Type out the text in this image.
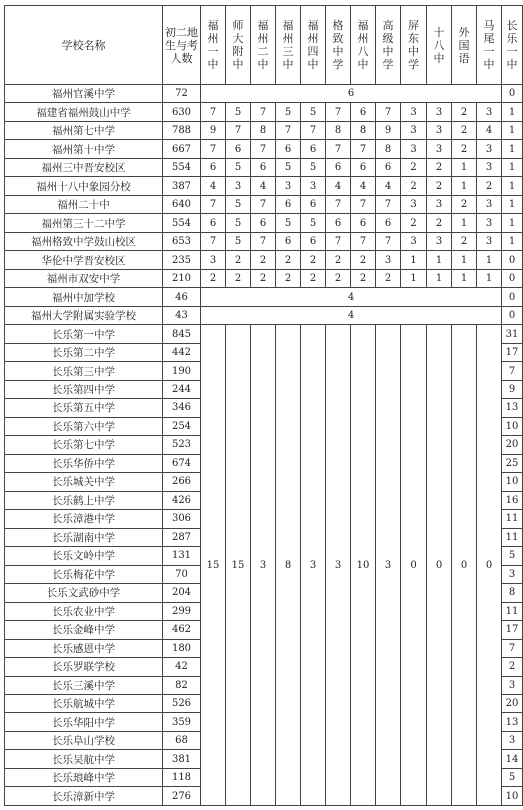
学校名称	初二地生与考人数	福州一中	师大附中	福州二中	福州三中	福州四中	格致中学	福州八中	高级中学	屏东中学	十八中	外国语	马尾一中	长乐一中
福州官溪中学	72	6												0
福建省福州鼓山中学	630	7	5	7	5	5	7	6	7	3	3	2	3	1
福州第七中学	788	9	7	8	7	7	8	8	9	3	3	2	4	1
福州第十中学	667	7	6	7	6	6	7	7	8	3	3	2	3	1
福州三中晋安校区	554	6	5	6	5	5	6	6	6	2	2	1	3	1
福州十八中象园分校	387	4	3	4	3	3	4	4	4	2	2	1	2	1
福州二十中	640	7	5	7	6	6	7	7	7	3	3	2	3	1
福州第三十二中学	554	6	5	6	5	5	6	6	6	2	2	1	3	1
福州格致中学鼓山校区	653	7	5	7	6	6	7	7	7	3	3	2	3	1
华伦中学晋安校区	235	3	2	2	2	2	2	2	3	1	1	1	1	0
福州市双安中学	210	2	2	2	2	2	2	2	2	1	1	1	1	0
福州中加学校	46	4												0
福州大学附属实验学校	43	4												0
长乐第一中学	845	15	15	3	8	3	3	10	3	0	0	0	0	31
长乐第二中学	442													17
长乐第三中学	190													7
长乐第四中学	244													9
长乐第五中学	346													13
长乐第六中学	254													10
长乐第七中学	523													20
长乐华侨中学	674													25
长乐城关中学	266													10
长乐鹤上中学	426													16
长乐漳港中学	306													11
长乐湖南中学	287													11
长乐文岭中学	131													5
长乐梅花中学	70													3
长乐文武砂中学	204													8
长乐农业中学	299													11
长乐金峰中学	462													17
长乐感恩中学	180													7
长乐罗联学校	42													2
长乐三溪中学	82													3
长乐航城中学	526													20
长乐华阳中学	359													13
长乐阜山学校	68													3
长乐吴航中学	381													14
长乐琅峰中学	118													5
长乐漳新中学	276													10
